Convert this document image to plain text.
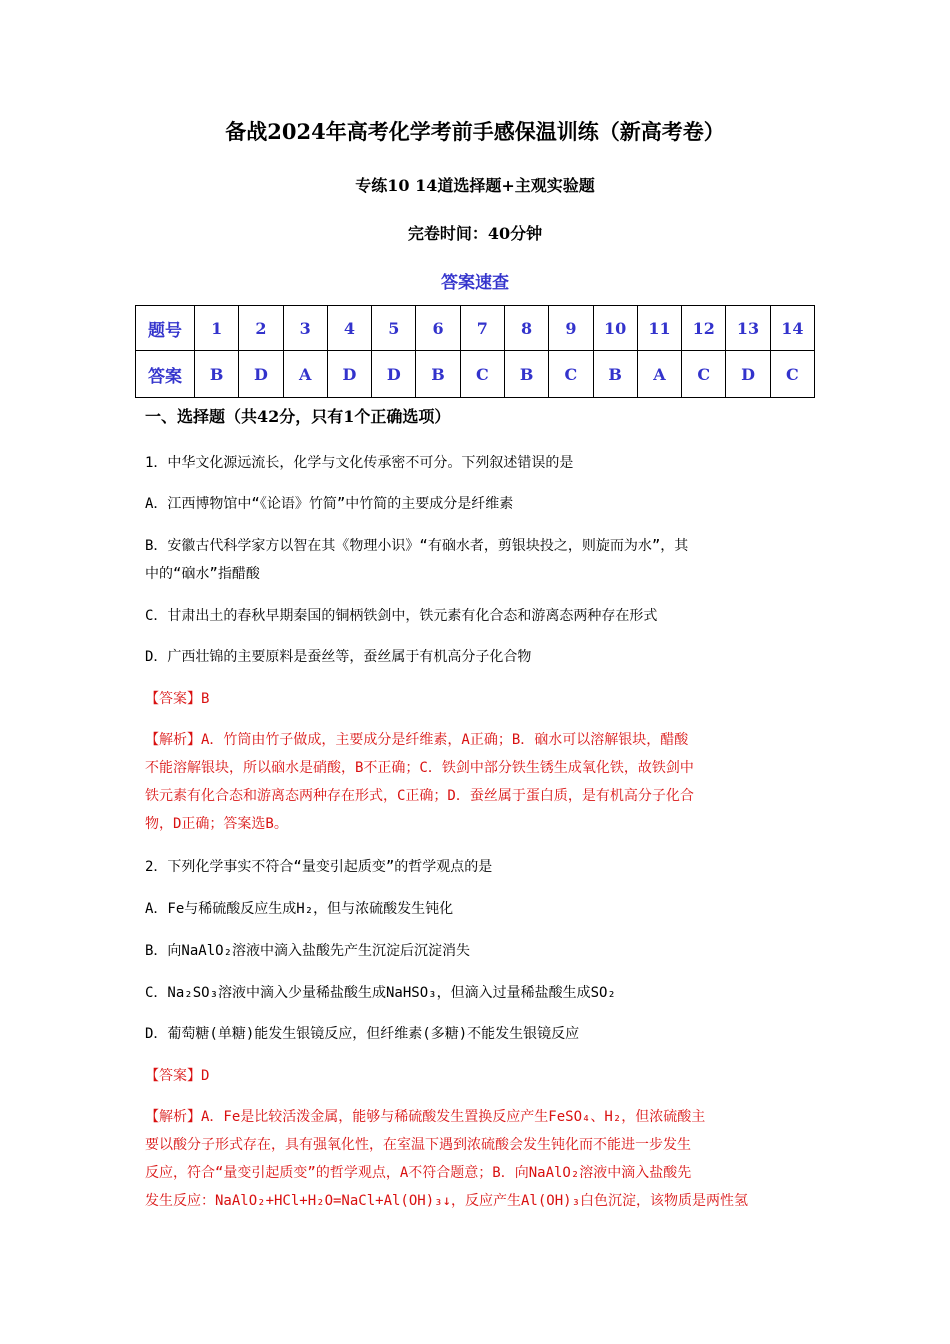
备战2024年高考化学考前手感保温训练（新高考卷）
专练10 14道选择题+主观实验题
完卷时间：40分钟
答案速查
题号	1	2	3	4	5	6	7	8	9	10	11	12	13	14
答案	B	D	A	D	D	B	C	B	C	B	A	C	D	C
一、选择题（共42分，只有1个正确选项）
1．中华文化源远流长，化学与文化传承密不可分。下列叙述错误的是
A．江西博物馆中“《论语》竹简”中竹简的主要成分是纤维素
B．安徽古代科学家方以智在其《物理小识》“有硇水者，剪银块投之，则旋而为水”，其
中的“硇水”指醋酸
C．甘肃出土的春秋早期秦国的铜柄铁剑中，铁元素有化合态和游离态两种存在形式
D．广西壮锦的主要原料是蚕丝等，蚕丝属于有机高分子化合物
【答案】B
【解析】A．竹筒由竹子做成，主要成分是纤维素，A正确；B．硇水可以溶解银块，醋酸
不能溶解银块，所以硇水是硝酸，B不正确；C．铁剑中部分铁生锈生成氧化铁，故铁剑中
铁元素有化合态和游离态两种存在形式，C正确；D．蚕丝属于蛋白质，是有机高分子化合
物，D正确；答案选B。
2．下列化学事实不符合“量变引起质变”的哲学观点的是
A．Fe与稀硫酸反应生成H₂，但与浓硫酸发生钝化
B．向NaAlO₂溶液中滴入盐酸先产生沉淀后沉淀消失
C．Na₂SO₃溶液中滴入少量稀盐酸生成NaHSO₃，但滴入过量稀盐酸生成SO₂
D．葡萄糖(单糖)能发生银镜反应，但纤维素(多糖)不能发生银镜反应
【答案】D
【解析】A．Fe是比较活泼金属，能够与稀硫酸发生置换反应产生FeSO₄、H₂，但浓硫酸主
要以酸分子形式存在，具有强氧化性，在室温下遇到浓硫酸会发生钝化而不能进一步发生
反应，符合“量变引起质变”的哲学观点，A不符合题意；B．向NaAlO₂溶液中滴入盐酸先
发生反应：NaAlO₂+HCl+H₂O=NaCl+Al(OH)₃↓，反应产生Al(OH)₃白色沉淀，该物质是两性氢
